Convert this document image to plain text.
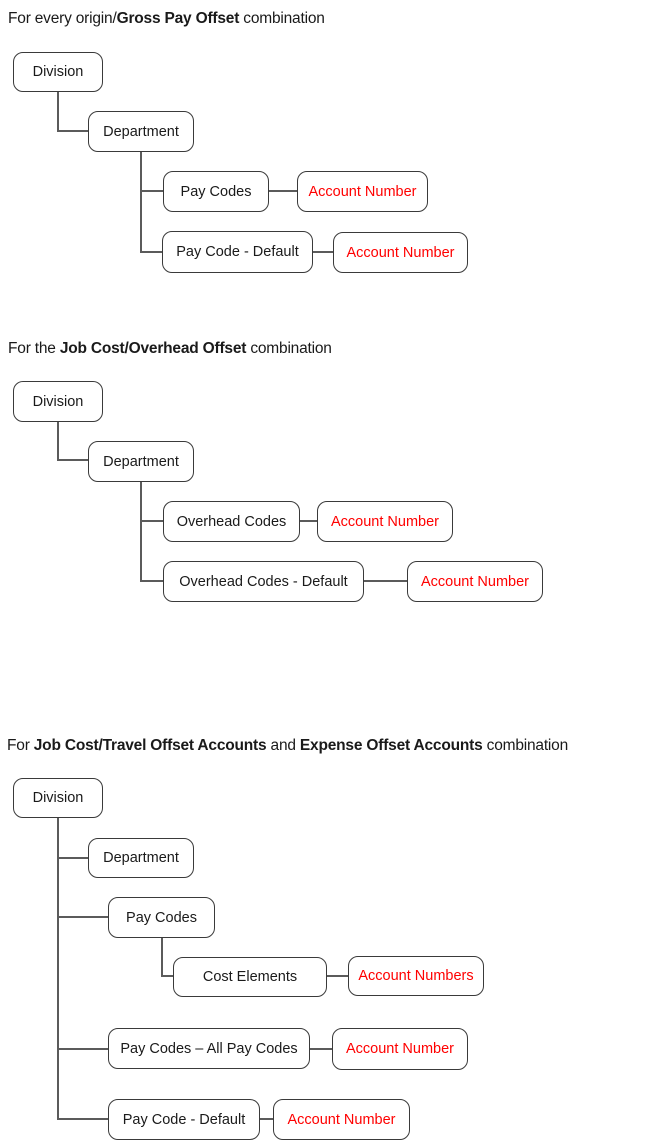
For every origin/Gross Pay Offset combination
Division
Department
Pay Codes	Account Number
Pay Code - Default	Account Number
For the Job Cost/Overhead Offset combination
Division
Department
Overhead Codes	Account Number
Overhead Codes - Default	Account Number
For Job Cost/Travel Offset Accounts and Expense Offset Accounts combination
Division
Department
Pay Codes
Cost Elements	Account Numbers
Pay Codes – All Pay Codes	Account Number
Pay Code - Default	Account Number
